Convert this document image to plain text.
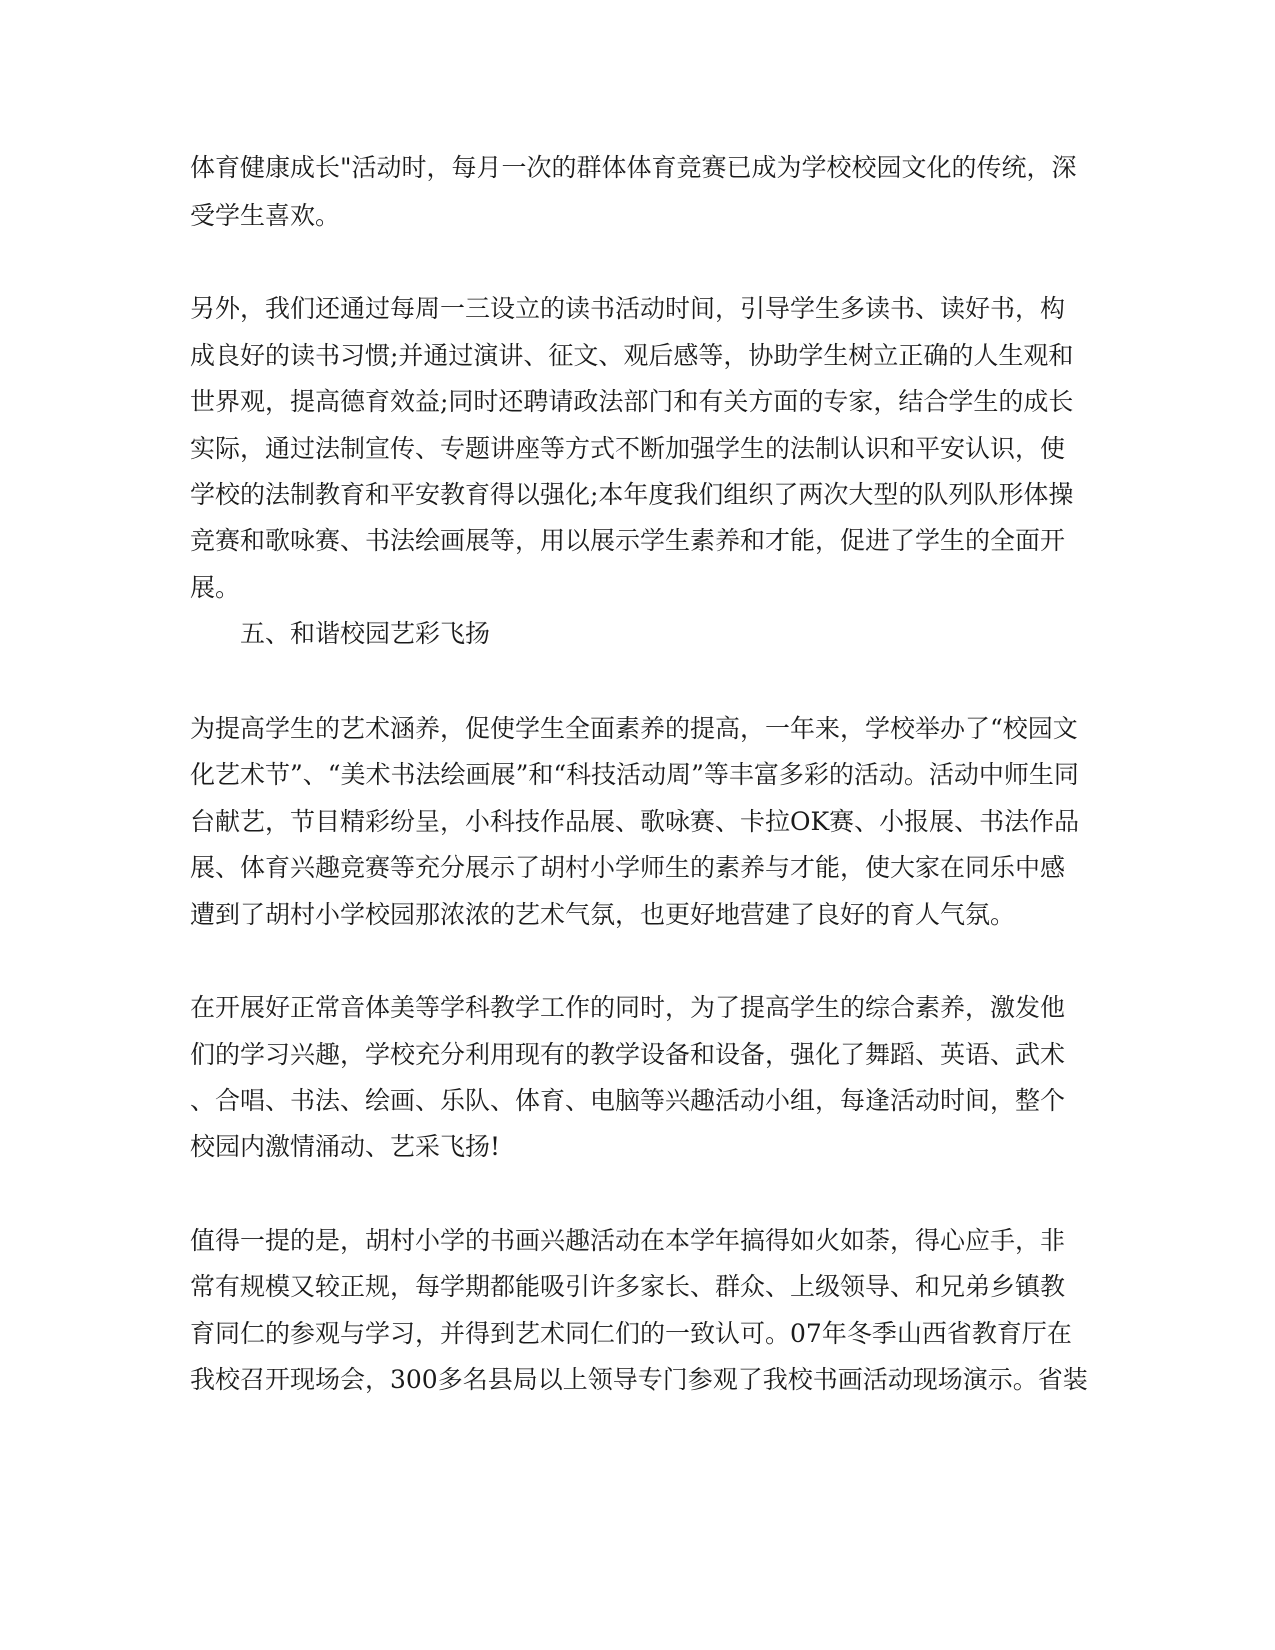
体育健康成长"活动时，每月一次的群体体育竞赛已成为学校校园文化的传统，深
受学生喜欢。
另外，我们还通过每周一三设立的读书活动时间，引导学生多读书、读好书，构
成良好的读书习惯;并通过演讲、征文、观后感等，协助学生树立正确的人生观和
世界观，提高德育效益;同时还聘请政法部门和有关方面的专家，结合学生的成长
实际，通过法制宣传、专题讲座等方式不断加强学生的法制认识和平安认识，使
学校的法制教育和平安教育得以强化;本年度我们组织了两次大型的队列队形体操
竞赛和歌咏赛、书法绘画展等，用以展示学生素养和才能，促进了学生的全面开
展。
五、和谐校园艺彩飞扬
为提高学生的艺术涵养，促使学生全面素养的提高，一年来，学校举办了“校园文
化艺术节”、“美术书法绘画展”和“科技活动周”等丰富多彩的活动。活动中师生同
台献艺，节目精彩纷呈，小科技作品展、歌咏赛、卡拉OK赛、小报展、书法作品
展、体育兴趣竞赛等充分展示了胡村小学师生的素养与才能，使大家在同乐中感
遭到了胡村小学校园那浓浓的艺术气氛，也更好地营建了良好的育人气氛。
在开展好正常音体美等学科教学工作的同时，为了提高学生的综合素养，激发他
们的学习兴趣，学校充分利用现有的教学设备和设备，强化了舞蹈、英语、武术
、合唱、书法、绘画、乐队、体育、电脑等兴趣活动小组，每逢活动时间，整个
校园内激情涌动、艺采飞扬!
值得一提的是，胡村小学的书画兴趣活动在本学年搞得如火如荼，得心应手，非
常有规模又较正规，每学期都能吸引许多家长、群众、上级领导、和兄弟乡镇教
育同仁的参观与学习，并得到艺术同仁们的一致认可。07年冬季山西省教育厅在
我校召开现场会，300多名县局以上领导专门参观了我校书画活动现场演示。省装
